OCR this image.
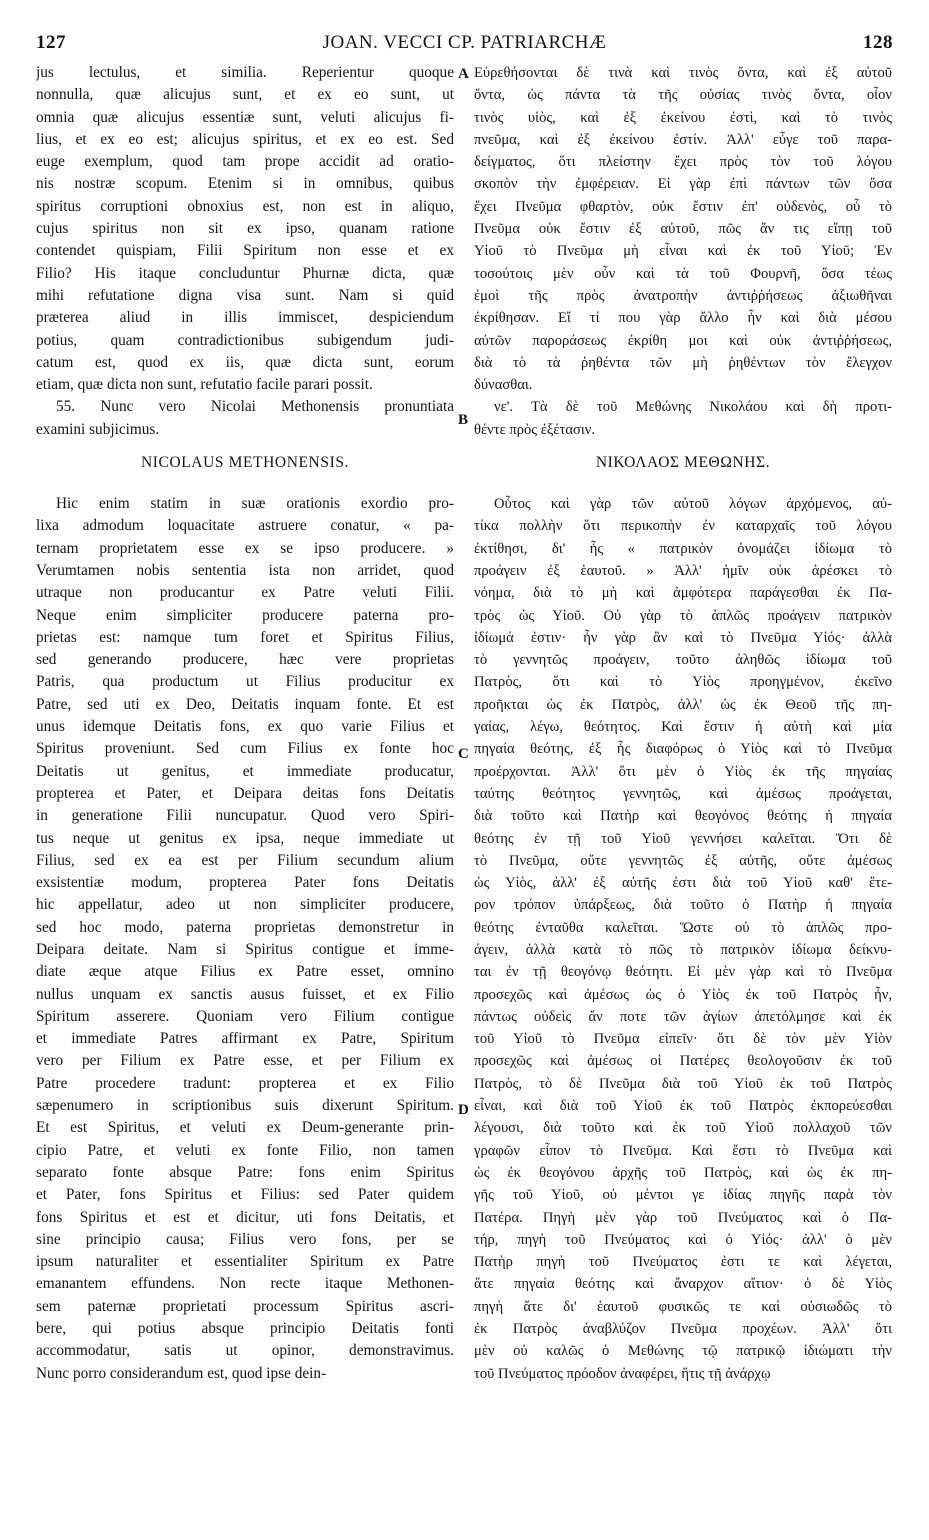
127	JOAN. VECCI CP. PATRIARCHÆ	128
A
B
C
D
jus lectulus, et similia. Reperientur quoque
nonnulla, quæ alicujus sunt, et ex eo sunt, ut
omnia quæ alicujus essentiæ sunt, veluti alicujus fi-
lius, et ex eo est; alicujus spiritus, et ex eo est. Sed
euge exemplum, quod tam prope accidit ad oratio-
nis nostræ scopum. Etenim si in omnibus, quibus
spiritus corruptioni obnoxius est, non est in aliquo,
cujus spiritus non sit ex ipso, quanam ratione
contendet quispiam, Filii Spiritum non esse et ex
Filio? His itaque concluduntur Phurnæ dicta, quæ
mihi refutatione digna visa sunt. Nam si quid
præterea aliud in illis immiscet, despiciendum
potius, quam contradictionibus subigendum judi-
catum est, quod ex iis, quæ dicta sunt, eorum
etiam, quæ dicta non sunt, refutatio facile parari possit.
55. Nunc vero Nicolai Methonensis pronuntiata
examini subjicimus.
NICOLAUS METHONENSIS.
Hic enim statim in suæ orationis exordio pro-
lixa admodum loquacitate astruere conatur, « pa-
ternam proprietatem esse ex se ipso producere. »
Verumtamen nobis sententia ista non arridet, quod
utraque non producantur ex Patre veluti Filii.
Neque enim simpliciter producere paterna pro-
prietas est: namque tum foret et Spiritus Filius,
sed generando producere, hæc vere proprietas
Patris, qua productum ut Filius producitur ex
Patre, sed uti ex Deo, Deitatis inquam fonte. Et est
unus idemque Deitatis fons, ex quo varie Filius et
Spiritus proveniunt. Sed cum Filius ex fonte hoc
Deitatis ut genitus, et immediate producatur,
propterea et Pater, et Deipara deitas fons Deitatis
in generatione Filii nuncupatur. Quod vero Spiri-
tus neque ut genitus ex ipsa, neque immediate ut
Filius, sed ex ea est per Filium secundum alium
exsistentiæ modum, propterea Pater fons Deitatis
hic appellatur, adeo ut non simpliciter producere,
sed hoc modo, paterna proprietas demonstretur in
Deipara deitate. Nam si Spiritus contigue et imme-
diate æque atque Filius ex Patre esset, omnino
nullus unquam ex sanctis ausus fuisset, et ex Filio
Spiritum asserere. Quoniam vero Filium contigue
et immediate Patres affirmant ex Patre, Spiritum
vero per Filium ex Patre esse, et per Filium ex
Patre procedere tradunt: propterea et ex Filio
sæpenumero in scriptionibus suis dixerunt Spiritum.
Et est Spiritus, et veluti ex Deum-generante prin-
cipio Patre, et veluti ex fonte Filio, non tamen
separato fonte absque Patre: fons enim Spiritus
et Pater, fons Spiritus et Filius: sed Pater quidem
fons Spiritus et est et dicitur, uti fons Deitatis, et
sine principio causa; Filius vero fons, per se
ipsum naturaliter et essentialiter Spiritum ex Patre
emanantem effundens. Non recte itaque Methonen-
sem paternæ proprietati processum Spiritus ascri-
bere, qui potius absque principio Deitatis fonti
accommodatur, satis ut opinor, demonstravimus.
Nunc porro considerandum est, quod ipse dein-
Εὑρεθήσονται δὲ τινὰ καὶ τινὸς ὄντα, καὶ ἐξ αὐτοῦ
ὄντα, ὡς πάντα τὰ τῆς οὐσίας τινὸς ὄντα, οἷον
τινὸς υἱὸς, καὶ ἐξ ἐκείνου ἐστὶ, καὶ τὸ τινὸς
πνεῦμα, καὶ ἐξ ἐκείνου ἐστίν. Ἀλλ' εὖγε τοῦ παρα-
δείγματος, ὅτι πλείστην ἔχει πρὸς τὸν τοῦ λόγου
σκοπὸν τὴν ἐμφέρειαν. Εἰ γὰρ ἐπὶ πάντων τῶν ὅσα
ἔχει Πνεῦμα φθαρτὸν, οὐκ ἔστιν ἐπ' οὐδενὸς, οὗ τὸ
Πνεῦμα οὐκ ἔστιν ἐξ αὐτοῦ, πῶς ἄν τις εἴπῃ τοῦ
Υἱοῦ τὸ Πνεῦμα μὴ εἶναι καὶ ἐκ τοῦ Υἱοῦ; Ἐν
τοσούτοις μὲν οὖν καὶ τὰ τοῦ Φουρνῆ, ὅσα τέως
ἐμοὶ τῆς πρὸς ἀνατροπὴν ἀντιῤῥήσεως ἀξιωθῆναι
ἐκρίθησαν. Εἴ τί που γὰρ ἄλλο ἦν καὶ διὰ μέσου
αὐτῶν παροράσεως ἐκρίθη μοι καὶ οὐκ ἀντιῤῥήσεως,
διὰ τὸ τὰ ῥηθέντα τῶν μὴ ῥηθέντων τὸν ἔλεγχον
δύνασθαι.
νε'. Τὰ δὲ τοῦ Μεθώνης Νικολάου καὶ δὴ προτι-
θέντε πρὸς ἐξέτασιν.
ΝΙΚΟΛΑΟΣ ΜΕΘΩΝΗΣ.
Οὗτος καὶ γὰρ τῶν αὐτοῦ λόγων ἀρχόμενος, αὐ-
τίκα πολλὴν ὅτι περικοπὴν ἐν καταρχαῖς τοῦ λόγου
ἐκτίθησι, δι' ἧς « πατρικὸν ὀνομάζει ἰδίωμα τὸ
προάγειν ἐξ ἑαυτοῦ. » Ἀλλ' ἡμῖν οὐκ ἀρέσκει τὸ
νόημα, διὰ τὸ μὴ καὶ ἀμφότερα παράγεσθαι ἐκ Πα-
τρὸς ὡς Υἱοῦ. Οὐ γὰρ τὸ ἁπλῶς προάγειν πατρικὸν
ἰδίωμά ἐστιν· ἦν γὰρ ἂν καὶ τὸ Πνεῦμα Υἱός· ἀλλὰ
τὸ γεννητῶς προάγειν, τοῦτο ἀληθῶς ἰδίωμα τοῦ
Πατρὸς, ὅτι καὶ τὸ Υἱὸς προηγμένον, ἐκεῖνο
προῆκται ὡς ἐκ Πατρὸς, ἀλλ' ὡς ἐκ Θεοῦ τῆς πη-
γαίας, λέγω, θεότητος. Καὶ ἔστιν ἡ αὐτὴ καὶ μία
πηγαία θεότης, ἐξ ἧς διαφόρως ὁ Υἱὸς καὶ τὸ Πνεῦμα
προέρχονται. Ἀλλ' ὅτι μὲν ὁ Υἱὸς ἐκ τῆς πηγαίας
ταύτης θεότητος γεννητῶς, καὶ ἀμέσως προάγεται,
διὰ τοῦτο καὶ Πατὴρ καὶ θεογόνος θεότης ἡ πηγαία
θεότης ἐν τῇ τοῦ Υἱοῦ γεννήσει καλεῖται. Ὅτι δὲ
τὸ Πνεῦμα, οὔτε γεννητῶς ἐξ αὐτῆς, οὔτε ἀμέσως
ὡς Υἱὸς, ἀλλ' ἐξ αὐτῆς ἐστι διὰ τοῦ Υἱοῦ καθ' ἕτε-
ρον τρόπον ὑπάρξεως, διὰ τοῦτο ὁ Πατὴρ ἡ πηγαία
θεότης ἐνταῦθα καλεῖται. Ὥστε οὐ τὸ ἁπλῶς προ-
άγειν, ἀλλὰ κατὰ τὸ πῶς τὸ πατρικὸν ἰδίωμα δείκνυ-
ται ἐν τῇ θεογόνῳ θεότητι. Εἰ μὲν γὰρ καὶ τὸ Πνεῦμα
προσεχῶς καὶ ἀμέσως ὡς ὁ Υἱὸς ἐκ τοῦ Πατρὸς ἦν,
πάντως οὐδεὶς ἄν ποτε τῶν ἁγίων ἀπετόλμησε καὶ ἐκ
τοῦ Υἱοῦ τὸ Πνεῦμα εἰπεῖν· ὅτι δὲ τὸν μὲν Υἱὸν
προσεχῶς καὶ ἀμέσως οἱ Πατέρες θεολογοῦσιν ἐκ τοῦ
Πατρὸς, τὸ δὲ Πνεῦμα διὰ τοῦ Υἱοῦ ἐκ τοῦ Πατρὸς
εἶναι, καὶ διὰ τοῦ Υἱοῦ ἐκ τοῦ Πατρὸς ἐκπορεύεσθαι
λέγουσι, διὰ τοῦτο καὶ ἐκ τοῦ Υἱοῦ πολλαχοῦ τῶν
γραφῶν εἶπον τὸ Πνεῦμα. Καὶ ἔστι τὸ Πνεῦμα καὶ
ὡς ἐκ θεογόνου ἀρχῆς τοῦ Πατρὸς, καὶ ὡς ἐκ πη-
γῆς τοῦ Υἱοῦ, οὐ μέντοι γε ἰδίας πηγῆς παρὰ τὸν
Πατέρα. Πηγὴ μὲν γὰρ τοῦ Πνεύματος καὶ ὁ Πα-
τήρ, πηγὴ τοῦ Πνεύματος καὶ ὁ Υἱός· ἀλλ' ὁ μὲν
Πατὴρ πηγὴ τοῦ Πνεύματος ἐστι τε καὶ λέγεται,
ἅτε πηγαία θεότης καὶ ἄναρχον αἴτιον· ὁ δὲ Υἱὸς
πηγὴ ἅτε δι' ἑαυτοῦ φυσικῶς τε καὶ οὐσιωδῶς τὸ
ἐκ Πατρὸς ἀναβλύζον Πνεῦμα προχέων. Ἀλλ' ὅτι
μὲν οὐ καλῶς ὁ Μεθώνης τῷ πατρικῷ ἰδιώματι τὴν
τοῦ Πνεύματος πρόοδον ἀναφέρει, ἥτις τῇ ἀνάρχῳ
